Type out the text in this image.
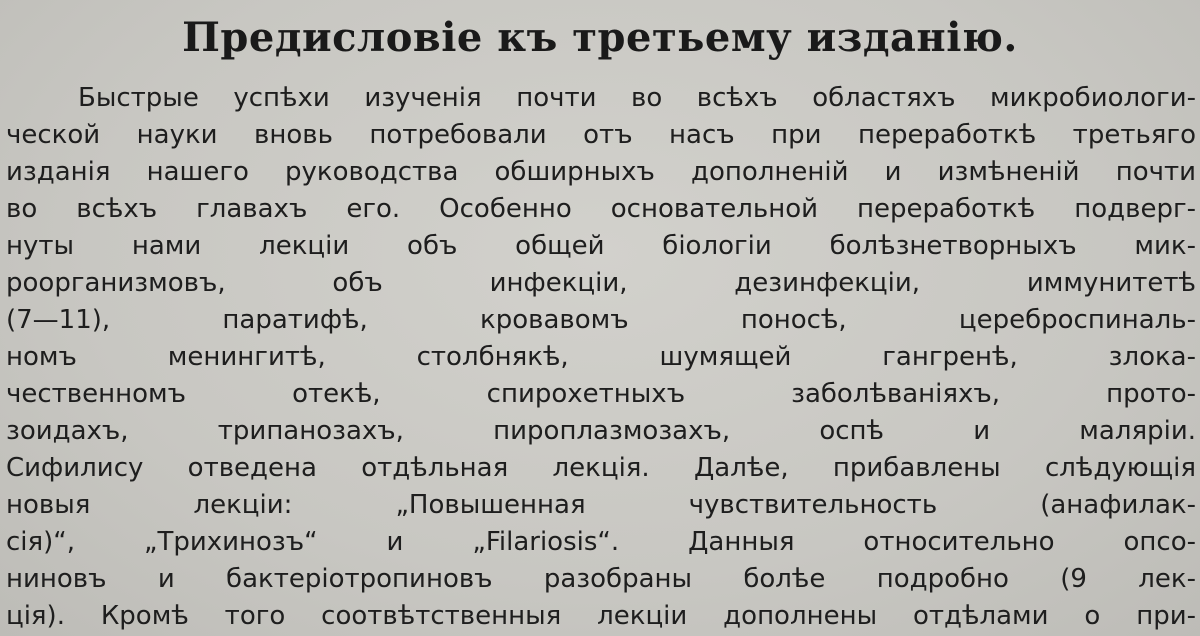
Предисловіе къ третьему изданію.
Быстрые успѣхи изученія почти во всѣхъ областяхъ микробиологи-
ческой науки вновь потребовали отъ насъ при переработкѣ третьяго
изданія нашего руководства обширныхъ дополненій и измѣненій почти
во всѣхъ главахъ его. Особенно основательной переработкѣ подверг-
нуты нами лекціи объ общей біологіи болѣзнетворныхъ мик-
роорганизмовъ, объ инфекціи, дезинфекціи, иммунитетѣ
(7—11), паратифѣ, кровавомъ поносѣ, цереброспиналь-
номъ менингитѣ, столбнякѣ, шумящей гангренѣ, злока-
чественномъ отекѣ, спирохетныхъ заболѣваніяхъ, прото-
зоидахъ, трипанозахъ, пироплазмозахъ, оспѣ и маляріи.
Сифилису отведена отдѣльная лекція. Далѣе, прибавлены слѣдующія
новыя лекціи: „Повышенная чувствительность (анафилак-
сія)“, „Трихинозъ“ и „Filariosis“. Данныя относительно опсо-
ниновъ и бактеріотропиновъ разобраны болѣе подробно (9 лек-
ція). Кромѣ того соотвѣтственныя лекціи дополнены отдѣлами о при-
